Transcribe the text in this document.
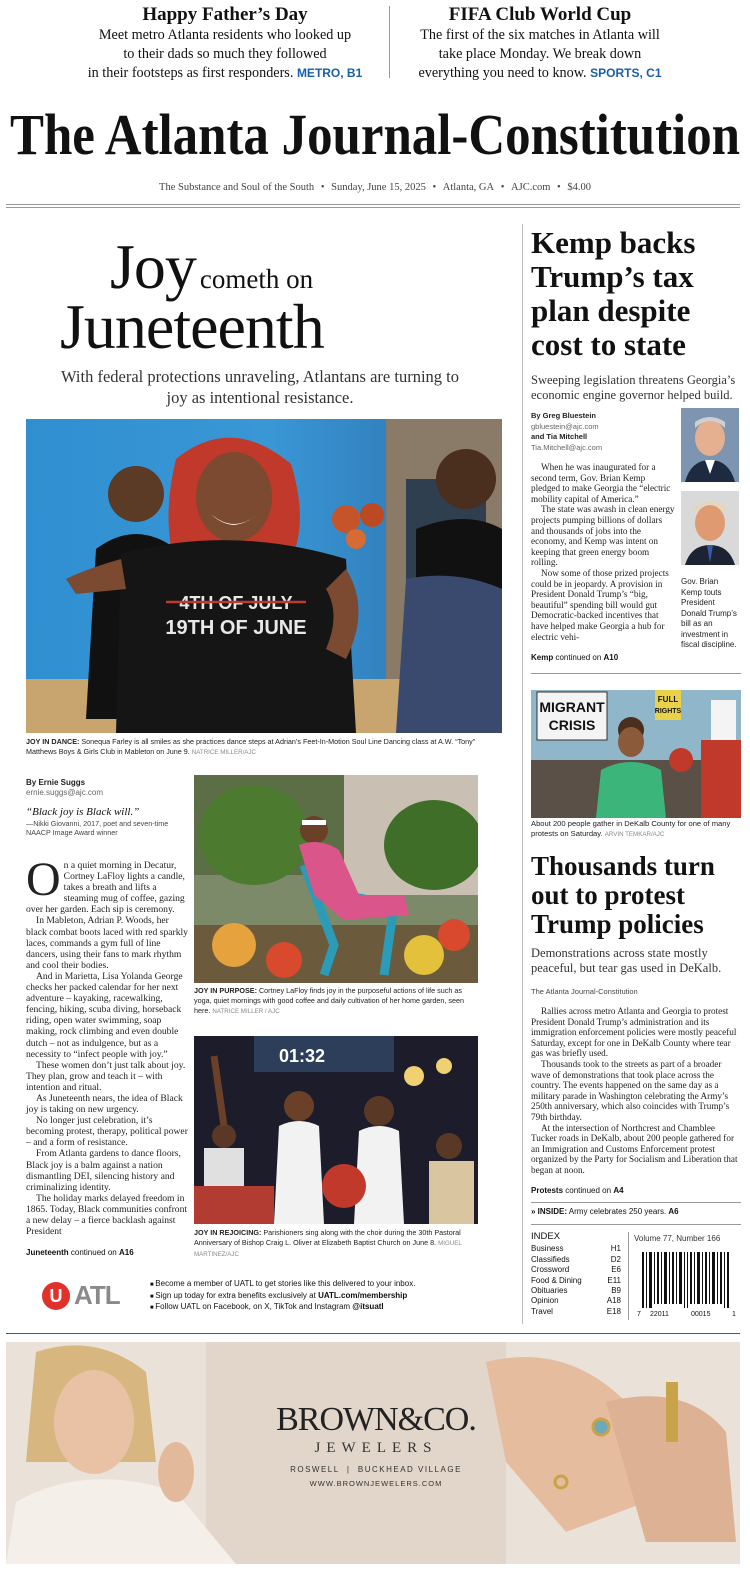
Happy Father’s Day

Meet metro Atlanta residents who looked up

to their dads so much they followed

in their footsteps as first responders. METRO, B1

FIFA Club World Cup

The first of the six matches in Atlanta will

take place Monday. We break down

everything you need to know. SPORTS, C1

The Atlanta Journal-Constitution
The Substance and Soul of the South • Sunday, June 15, 2025 • Atlanta, GA • AJC.com • $4.00
Joy cometh on
Juneteenth
With federal protections unraveling, Atlantans are turning to joy as intentional resistance.
4TH OF JULY
19TH OF JUNE
JOY IN DANCE: Sonequa Farley is all smiles as she practices dance steps at Adrian’s Feet-In-Motion Soul Line Dancing class at A.W. “Tony” Matthews Boys & Girls Club in Mableton on June 9. NATRICE MILLER/AJC
By Ernie Suggs
ernie.suggs@ajc.com
“Black joy is Black will.”
—Nikki Giovanni, 2017, poet and seven-time NAACP Image Award winner
O n a quiet morning in Decatur, Cortney LaFloy lights a candle, takes a breath and lifts a steaming mug of coffee, gazing over her garden. Each sip is ceremony.

In Mableton, Adrian P. Woods, her black combat boots laced with red sparkly laces, commands a gym full of line dancers, using their fans to mark rhythm and cool their bodies.

And in Marietta, Lisa Yolanda George checks her packed calendar for her next adventure – kayaking, racewalking, fencing, hiking, scuba diving, horseback riding, open water swimming, soap making, rock climbing and even double dutch – not as indulgence, but as a necessity to “infect people with joy.”

These women don’t just talk about joy. They plan, grow and teach it – with intention and ritual.

As Juneteenth nears, the idea of Black joy is taking on new urgency.

No longer just celebration, it’s becoming protest, therapy, political power – and a form of resistance.

From Atlanta gardens to dance floors, Black joy is a balm against a nation dismantling DEI, silencing history and criminalizing identity.

The holiday marks delayed freedom in 1865. Today, Black communities confront a new delay – a fierce backlash against President

Juneteenth continued on A16
JOY IN PURPOSE: Cortney LaFloy finds joy in the purposeful actions of life such as yoga, quiet mornings with good coffee and daily cultivation of her home garden, seen here. NATRICE MILLER / AJC
01:32
JOY IN REJOICING: Parishioners sing along with the choir during the 30th Pastoral Anniversary of Bishop Craig L. Oliver at Elizabeth Baptist Church on June 8. MIGUEL MARTINEZ/AJC
Kemp backs
Trump’s tax
plan despite
cost to state
Sweeping legislation threatens Georgia’s economic engine governor helped build.
By Greg Bluestein
gbluestein@ajc.com
and Tia Mitchell
Tia.Mitchell@ajc.com

When he was inaugurated for a second term, Gov. Brian Kemp pledged to make Georgia the “electric mobility capital of America.”

The state was awash in clean energy projects pumping billions of dollars and thousands of jobs into the economy, and Kemp was intent on keeping that green energy boom rolling.

Now some of those prized projects could be in jeopardy. A provision in President Donald Trump’s “big, beautiful” spending bill would gut Democratic-backed incentives that have helped make Georgia a hub for electric vehi-

Gov. Brian Kemp touts President Donald Trump’s bill as an investment in fiscal discipline.
Kemp continued on A10
MIGRANT
CRISIS
FULL
RIGHTS
About 200 people gather in DeKalb County for one of many protests on Saturday. ARVIN TEMKAR/AJC
Thousands turn
out to protest
Trump policies
Demonstrations across state mostly peaceful, but tear gas used in DeKalb.
The Atlanta Journal-Constitution

Rallies across metro Atlanta and Georgia to protest President Donald Trump’s administration and its immigration enforcement policies were mostly peaceful Saturday, except for one in DeKalb County where tear gas was briefly used.

Thousands took to the streets as part of a broader wave of demonstrations that took place across the country. The events happened on the same day as a military parade in Washington celebrating the Army’s 250th anniversary, which also coincides with Trump’s 79th birthday.

At the intersection of Northcrest and Chamblee Tucker roads in DeKalb, about 200 people gathered for an Immigration and Customs Enforcement protest organized by the Party for Socialism and Liberation that began at noon.

Protests continued on A4
» INSIDE: Army celebrates 250 years. A6
INDEX
Business	H1
Classifieds	D2
Crossword	E6
Food & Dining	E11
Obituaries	B9
Opinion	A18
Travel	E18
Volume 77, Number 166
7 22011	00015	1
U ATL
■	Become a member of UATL to get stories like this delivered to your inbox.
■ Sign up today for extra benefits exclusively at UATL.com/membership
■ Follow UATL on Facebook, on X, TikTok and Instagram @itsuatl
BROWN&CO.
JEWELERS
ROSWELL  |  BUCKHEAD VILLAGE
WWW.BROWNJEWELERS.COM
